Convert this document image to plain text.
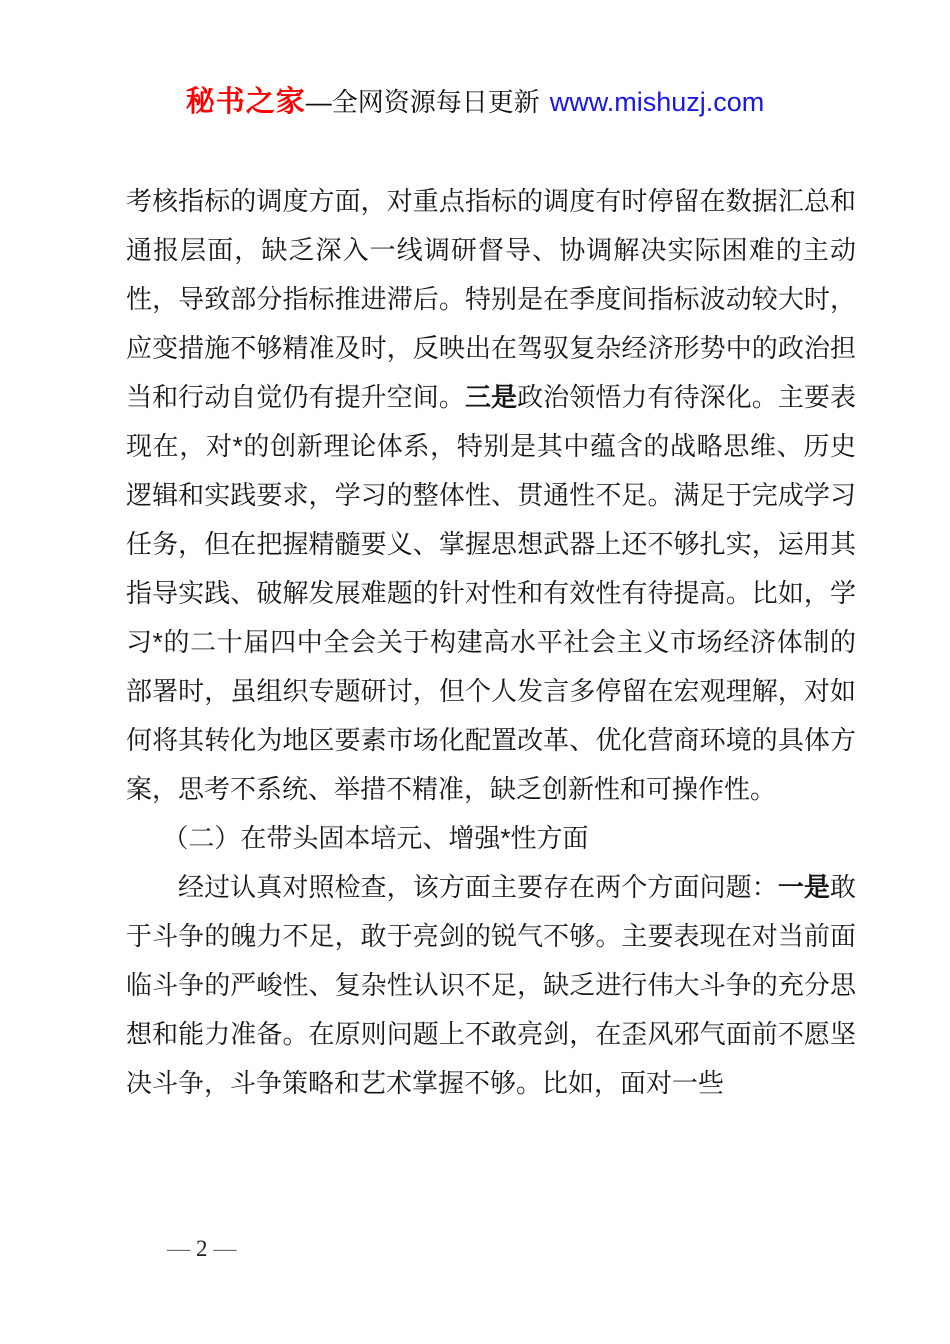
秘书之家—全网资源每日更新 www.mishuzj.com

考核指标的调度方面，对重点指标的调度有时停留在数据汇总和通报层面，缺乏深入一线调研督导、协调解决实际困难的主动性，导致部分指标推进滞后。特别是在季度间指标波动较大时，应变措施不够精准及时，反映出在驾驭复杂经济形势中的政治担当和行动自觉仍有提升空间。三是政治领悟力有待深化。主要表现在，对*的创新理论体系，特别是其中蕴含的战略思维、历史逻辑和实践要求，学习的整体性、贯通性不足。满足于完成学习任务，但在把握精髓要义、掌握思想武器上还不够扎实，运用其指导实践、破解发展难题的针对性和有效性有待提高。比如，学习*的二十届四中全会关于构建高水平社会主义市场经济体制的部署时，虽组织专题研讨，但个人发言多停留在宏观理解，对如何将其转化为地区要素市场化配置改革、优化营商环境的具体方案，思考不系统、举措不精准，缺乏创新性和可操作性。

（二）在带头固本培元、增强*性方面

经过认真对照检查，该方面主要存在两个方面问题：一是敢于斗争的魄力不足，敢于亮剑的锐气不够。主要表现在对当前面临斗争的严峻性、复杂性认识不足，缺乏进行伟大斗争的充分思想和能力准备。在原则问题上不敢亮剑，在歪风邪气面前不愿坚决斗争，斗争策略和艺术掌握不够。比如，面对一些

— 2 —
